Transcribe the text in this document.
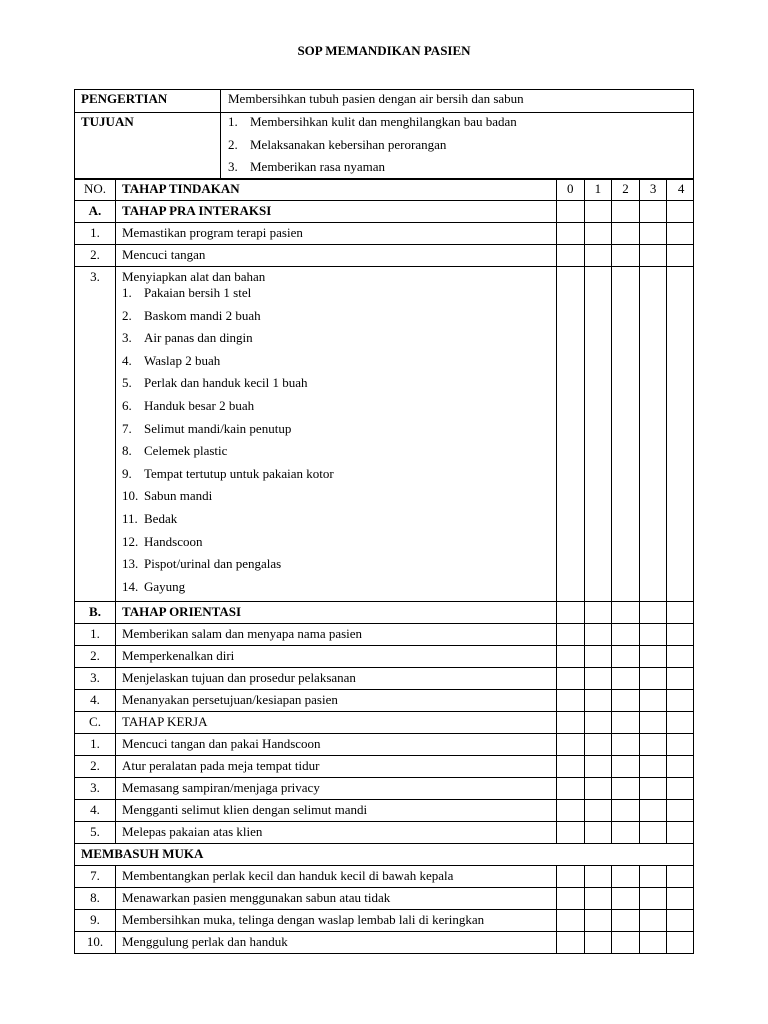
SOP MEMANDIKAN PASIEN
PENGERTIAN	Membersihkan tubuh pasien dengan air bersih dan sabun
TUJUAN	1. Membersihkan kulit dan menghilangkan bau badan
2. Melaksanakan kebersihan perorangan
3. Memberikan rasa nyaman
NO.	TAHAP TINDAKAN	0	1	2	3	4
A.	TAHAP PRA INTERAKSI
1.	Memastikan program terapi pasien
2.	Mencuci tangan
3.	Menyiapkan alat dan bahan
1. Pakaian bersih 1 stel
2. Baskom mandi 2 buah
3. Air panas dan dingin
4. Waslap 2 buah
5. Perlak dan handuk kecil 1 buah
6. Handuk besar 2 buah
7. Selimut mandi/kain penutup
8. Celemek plastic
9. Tempat tertutup untuk pakaian kotor
10. Sabun mandi
11. Bedak
12. Handscoon
13. Pispot/urinal dan pengalas
14. Gayung
B.	TAHAP ORIENTASI
1.	Memberikan salam dan menyapa nama pasien
2.	Memperkenalkan diri
3.	Menjelaskan tujuan dan prosedur pelaksanan
4.	Menanyakan persetujuan/kesiapan pasien
C.	TAHAP KERJA
1.	Mencuci tangan dan pakai Handscoon
2.	Atur peralatan pada meja tempat tidur
3.	Memasang sampiran/menjaga privacy
4.	Mengganti selimut klien dengan selimut mandi
5.	Melepas pakaian atas klien
MEMBASUH MUKA
7.	Membentangkan perlak kecil dan handuk kecil di bawah kepala
8.	Menawarkan pasien menggunakan sabun atau tidak
9.	Membersihkan muka, telinga dengan waslap lembab lali di keringkan
10.	Menggulung perlak dan handuk
